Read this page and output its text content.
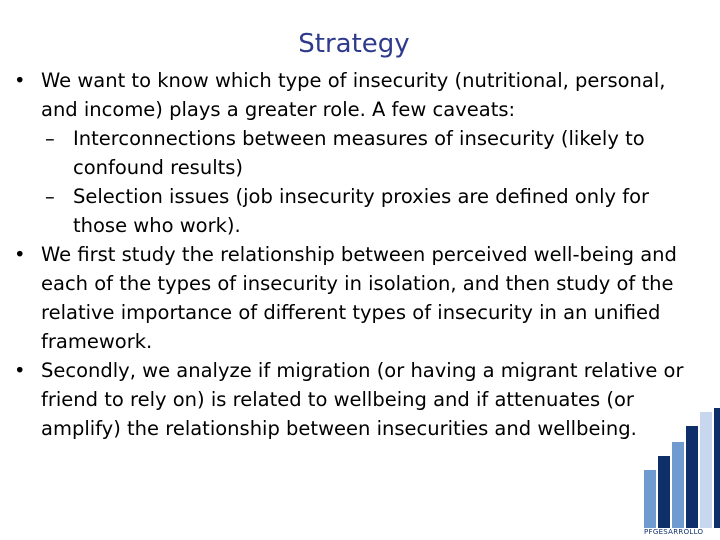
Strategy
• We want to know which type of insecurity (nutritional, personal, and income) plays a greater role. A few caveats:
– Interconnections between measures of insecurity (likely to confound results)
– Selection issues (job insecurity proxies are defined only for those who work).
• We first study the relationship between perceived well-being and each of the types of insecurity in isolation, and then study of the relative importance of different types of insecurity in an unified framework.
• Secondly, we analyze if migration (or having a migrant relative or friend to rely on) is related to wellbeing and if attenuates (or amplify) the relationship between insecurities and wellbeing.
PFGESARROLLO
